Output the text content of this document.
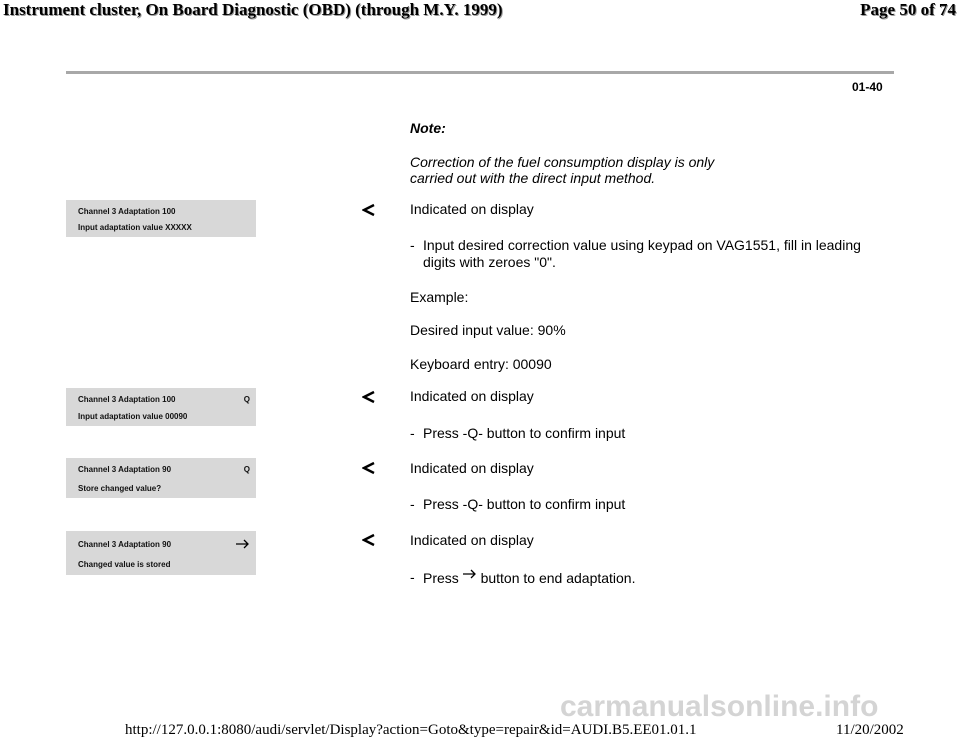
Instrument cluster, On Board Diagnostic (OBD) (through M.Y. 1999)	Page 50 of 74
01-40
Note:
Correction of the fuel consumption display is only
carried out with the direct input method.
Channel 3 Adaptation 100
Input adaptation value XXXXX
Indicated on display
- Input desired correction value using keypad on VAG1551, fill in leading
digits with zeroes "0".
Example:
Desired input value: 90%
Keyboard entry: 00090
Channel 3 Adaptation 100	Q
Input adaptation value 00090
Indicated on display
- Press -Q- button to confirm input
Channel 3 Adaptation 90	Q
Store changed value?
Indicated on display
- Press -Q- button to confirm input
Channel 3 Adaptation 90
Changed value is stored
Indicated on display
- Press button to end adaptation.
carmanualsonline.info
http://127.0.0.1:8080/audi/servlet/Display?action=Goto&type=repair&id=AUDI.B5.EE01.01.1	11/20/2002
